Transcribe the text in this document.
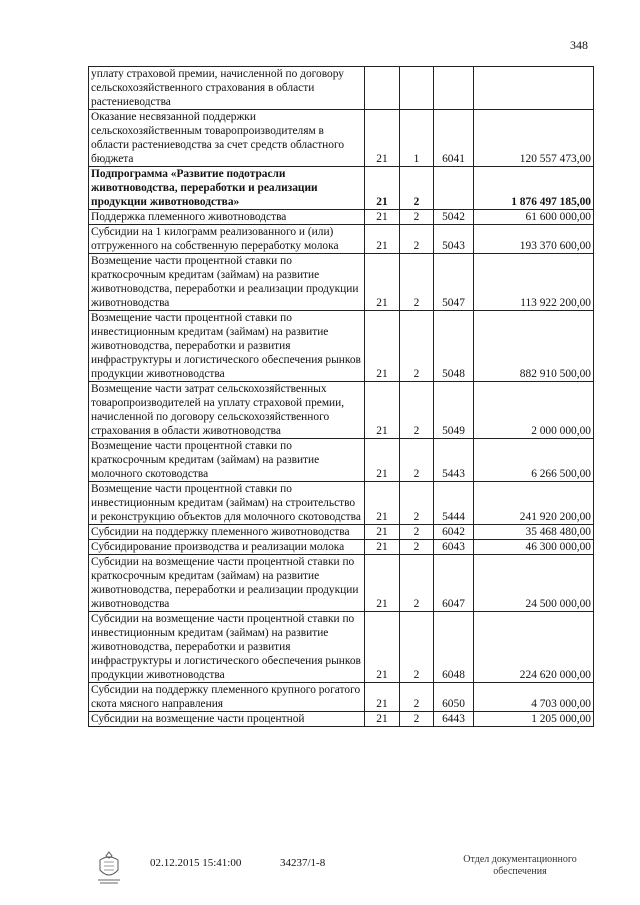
348
уплату страховой премии, начисленной по договору сельскохозяйственного страхования в области растениеводства				
Оказание несвязанной поддержки сельскохозяйственным товаропроизводителям в области растениеводства за счет средств областного бюджета	21	1	6041	120 557 473,00
Подпрограмма «Развитие подотрасли животноводства, переработки и реализации продукции животноводства»	21	2		1 876 497 185,00
Поддержка племенного животноводства	21	2	5042	61 600 000,00
Субсидии на 1 килограмм реализованного и (или) отгруженного на собственную переработку молока	21	2	5043	193 370 600,00
Возмещение части процентной ставки по краткосрочным кредитам (займам) на развитие животноводства, переработки и реализации продукции животноводства	21	2	5047	113 922 200,00
Возмещение части процентной ставки по инвестиционным кредитам (займам) на развитие животноводства, переработки и развития инфраструктуры и логистического обеспечения рынков продукции животноводства	21	2	5048	882 910 500,00
Возмещение части затрат сельскохозяйственных товаропроизводителей на уплату страховой премии, начисленной по договору сельскохозяйственного страхования в области животноводства	21	2	5049	2 000 000,00
Возмещение части процентной ставки по краткосрочным кредитам (займам) на развитие молочного скотоводства	21	2	5443	6 266 500,00
Возмещение части процентной ставки по инвестиционным кредитам (займам) на строительство и реконструкцию объектов для молочного скотоводства	21	2	5444	241 920 200,00
Субсидии на поддержку племенного животноводства	21	2	6042	35 468 480,00
Субсидирование производства и реализации молока	21	2	6043	46 300 000,00
Субсидии на возмещение части процентной ставки по краткосрочным кредитам (займам) на развитие животноводства, переработки и реализации продукции животноводства	21	2	6047	24 500 000,00
Субсидии на возмещение части процентной ставки по инвестиционным кредитам (займам) на развитие животноводства, переработки и развития инфраструктуры и логистического обеспечения рынков продукции животноводства	21	2	6048	224 620 000,00
Субсидии на поддержку племенного крупного рогатого скота мясного направления	21	2	6050	4 703 000,00
Субсидии на возмещение части процентной	21	2	6443	1 205 000,00
02.12.2015 15:41:00	34237/1-8	Отдел документационного
обеспечения
